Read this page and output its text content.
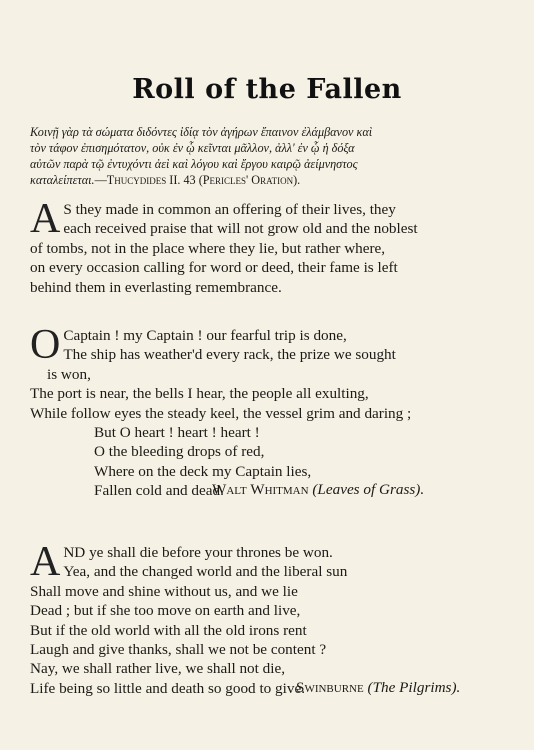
Roll of the Fallen
Κοινῇ γὰρ τὰ σώματα διδόντες ἰδίᾳ τὸν ἀγήρων ἔπαινον ἐλάμβανον καὶ
τὸν τάφον ἐπισημότατον, οὐκ ἐν ᾧ κεῖνται μᾶλλον, ἀλλ' ἐν ᾧ ἡ δόξα
αὐτῶν παρὰ τῷ ἐντυχόντι ἀεὶ καὶ λόγου καὶ ἔργου καιρῷ ἀείμνηστος
καταλείπεται.—Thucydides II. 43 (Pericles' Oration).
A S they made in common an offering of their lives, they
each received praise that will not grow old and the noblest
of tombs, not in the place where they lie, but rather where,
on every occasion calling for word or deed, their fame is left
behind them in everlasting remembrance.
O Captain ! my Captain ! our fearful trip is done,
The ship has weather'd every rack, the prize we sought
is won,
The port is near, the bells I hear, the people all exulting,
While follow eyes the steady keel, the vessel grim and daring ;
But O heart ! heart ! heart !
O the bleeding drops of red,
Where on the deck my Captain lies,
Fallen cold and dead.
Walt Whitman (Leaves of Grass).
A ND ye shall die before your thrones be won.
Yea, and the changed world and the liberal sun
Shall move and shine without us, and we lie
Dead ; but if she too move on earth and live,
But if the old world with all the old irons rent
Laugh and give thanks, shall we not be content ?
Nay, we shall rather live, we shall not die,
Life being so little and death so good to give.
Swinburne (The Pilgrims).
